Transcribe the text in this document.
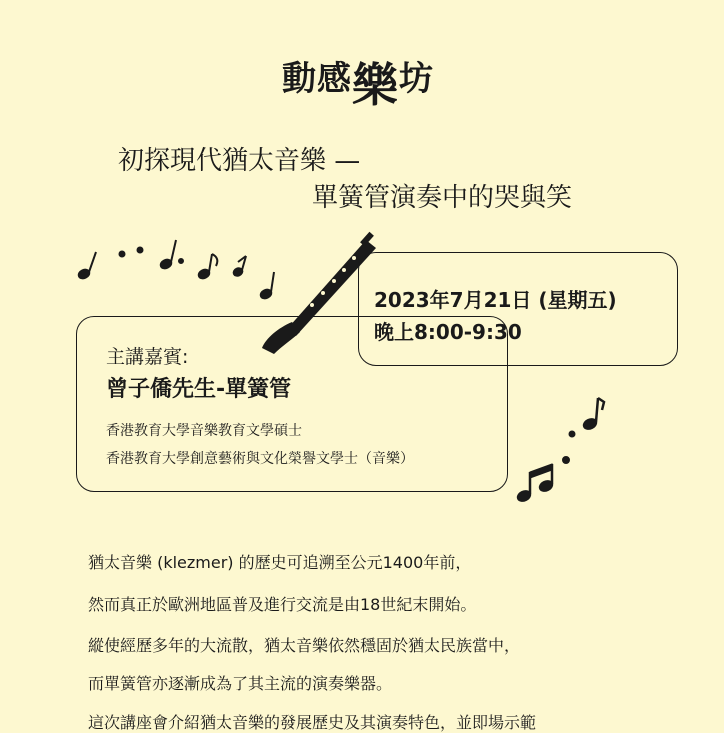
動 感 樂 坊
初探現代猶太音樂 —
單簧管演奏中的哭與笑
2023年7月21日 (星期五)
晚上8:00-9:30
主講嘉賓:
曾子僑先生-單簧管
香港教育大學音樂教育文學碩士
香港教育大學創意藝術與文化榮譽文學士（音樂）
猶太音樂 (klezmer) 的歷史可追溯至公元1400年前，
然而真正於歐洲地區普及進行交流是由18世紀末開始。
縱使經歷多年的大流散，猶太音樂依然穩固於猶太民族當中，
而單簧管亦逐漸成為了其主流的演奏樂器。
這次講座會介紹猶太音樂的發展歷史及其演奏特色，並即場示範
